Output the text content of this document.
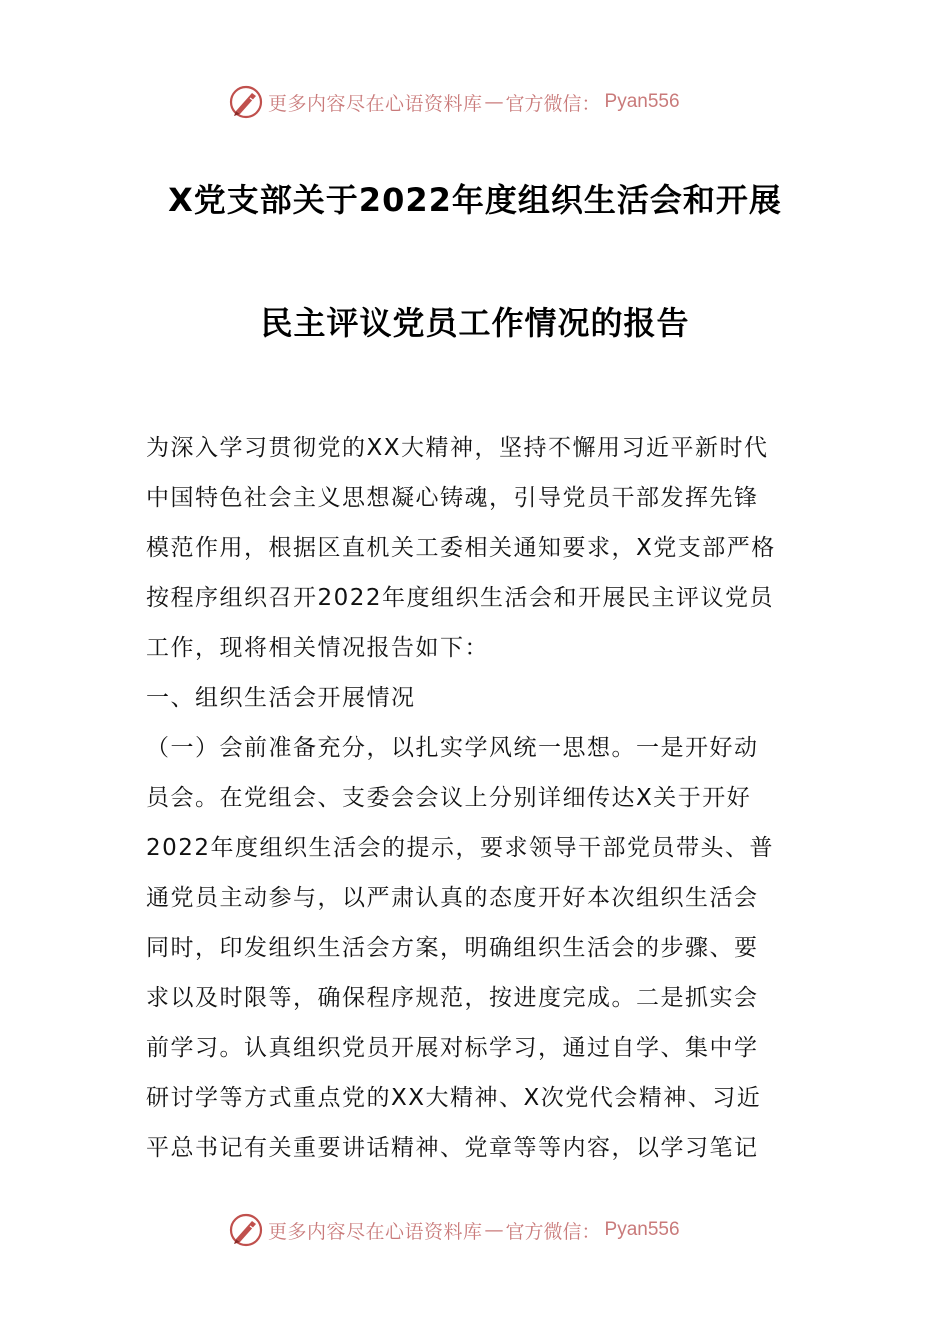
更多内容尽在心语资料库 — 官方微信： Pyan556
X党支部关于2022年度组织生活会和开展
民主评议党员工作情况的报告
为深入学习贯彻党的XX大精神，坚持不懈用习近平新时代
中国特色社会主义思想凝心铸魂，引导党员干部发挥先锋
模范作用，根据区直机关工委相关通知要求，X党支部严格
按程序组织召开2022年度组织生活会和开展民主评议党员
工作，现将相关情况报告如下：
一、组织生活会开展情况
（一）会前准备充分，以扎实学风统一思想。一是开好动
员会。在党组会、支委会会议上分别详细传达X关于开好
2022年度组织生活会的提示，要求领导干部党员带头、普
通党员主动参与，以严肃认真的态度开好本次组织生活会
同时，印发组织生活会方案，明确组织生活会的步骤、要
求以及时限等，确保程序规范，按进度完成。二是抓实会
前学习。认真组织党员开展对标学习，通过自学、集中学
研讨学等方式重点党的XX大精神、X次党代会精神、习近
平总书记有关重要讲话精神、党章等等内容，以学习笔记
更多内容尽在心语资料库 — 官方微信： Pyan556
